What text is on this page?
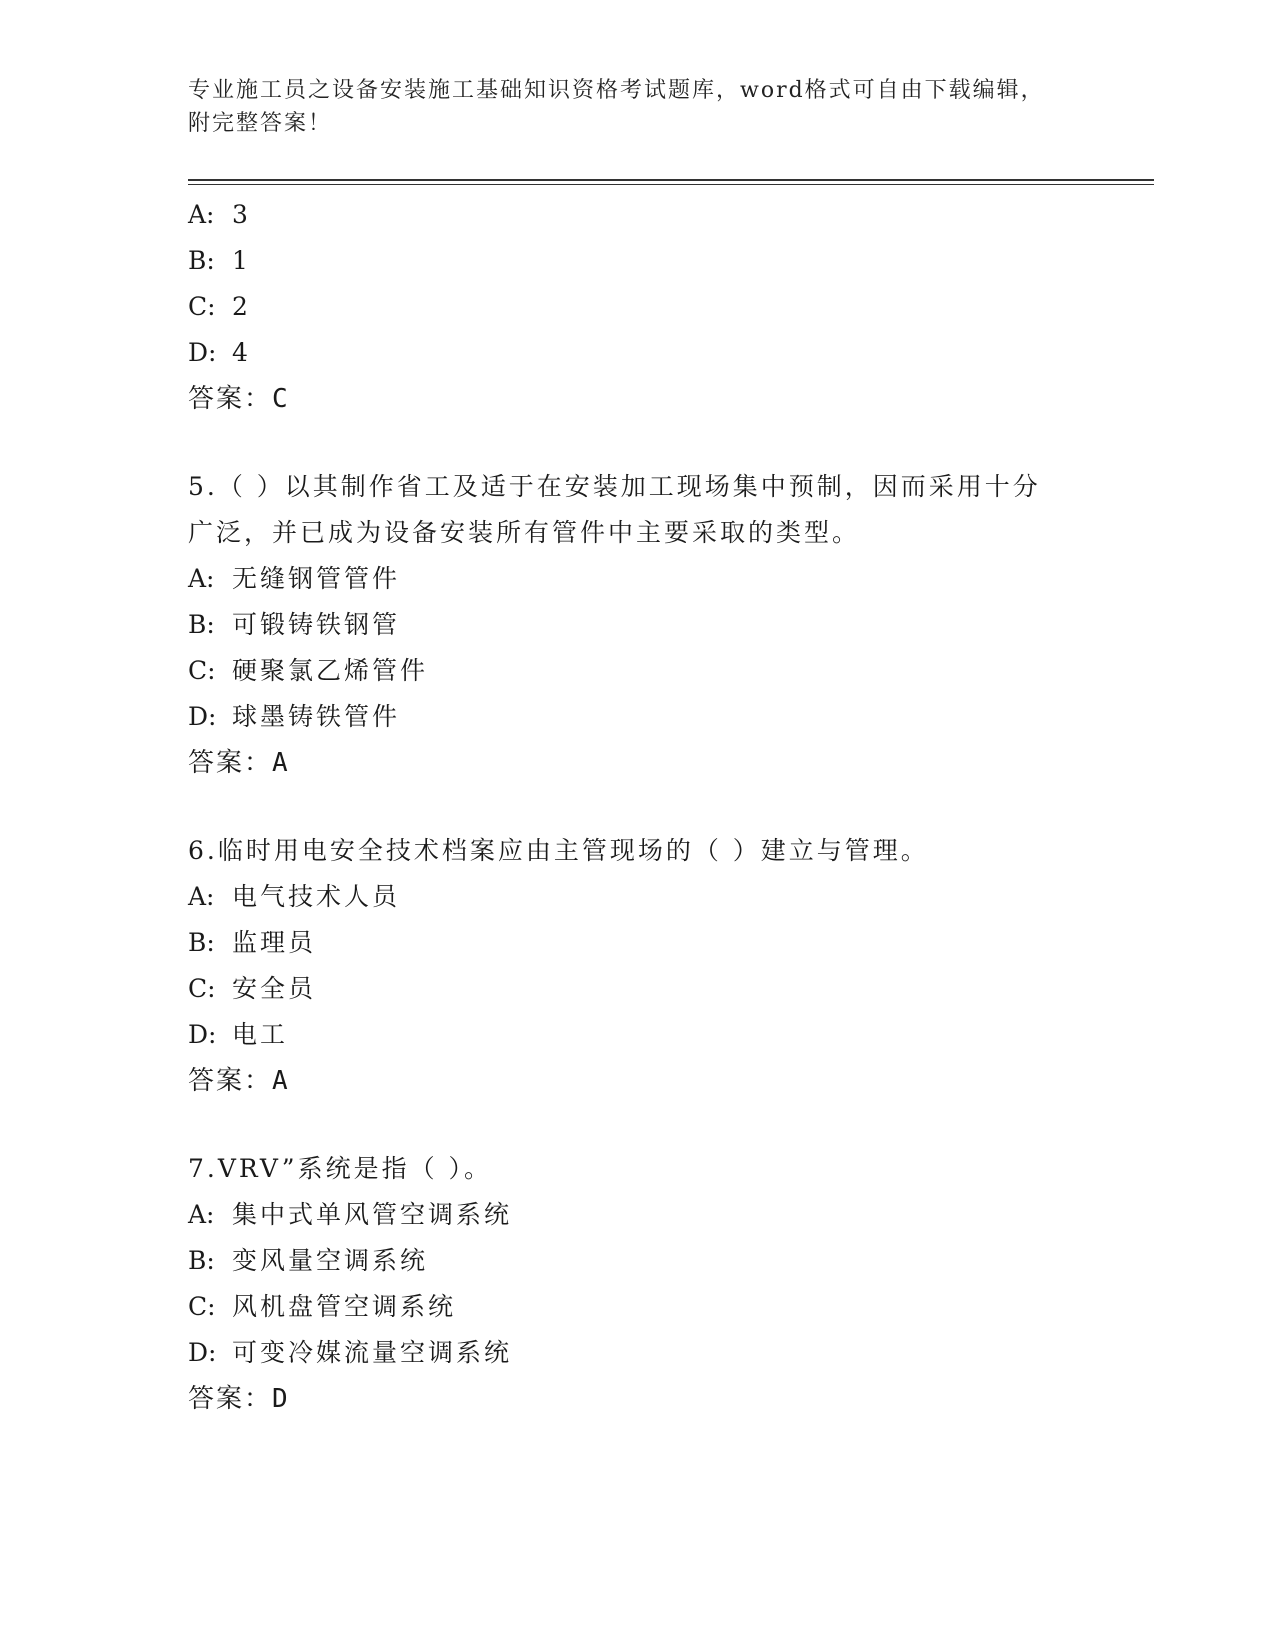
专业施工员之设备安装施工基础知识资格考试题库，word格式可自由下载编辑，
附完整答案！
A: 3
B: 1
C: 2
D: 4
答案：C
5.（ ）以其制作省工及适于在安装加工现场集中预制，因而采用十分
广泛，并已成为设备安装所有管件中主要采取的类型。
A: 无缝钢管管件
B: 可锻铸铁钢管
C: 硬聚氯乙烯管件
D: 球墨铸铁管件
答案：A
6.临时用电安全技术档案应由主管现场的（ ）建立与管理。
A: 电气技术人员
B: 监理员
C: 安全员
D: 电工
答案：A
7.VRV”系统是指（ ）。
A: 集中式单风管空调系统
B: 变风量空调系统
C: 风机盘管空调系统
D: 可变冷媒流量空调系统
答案：D
